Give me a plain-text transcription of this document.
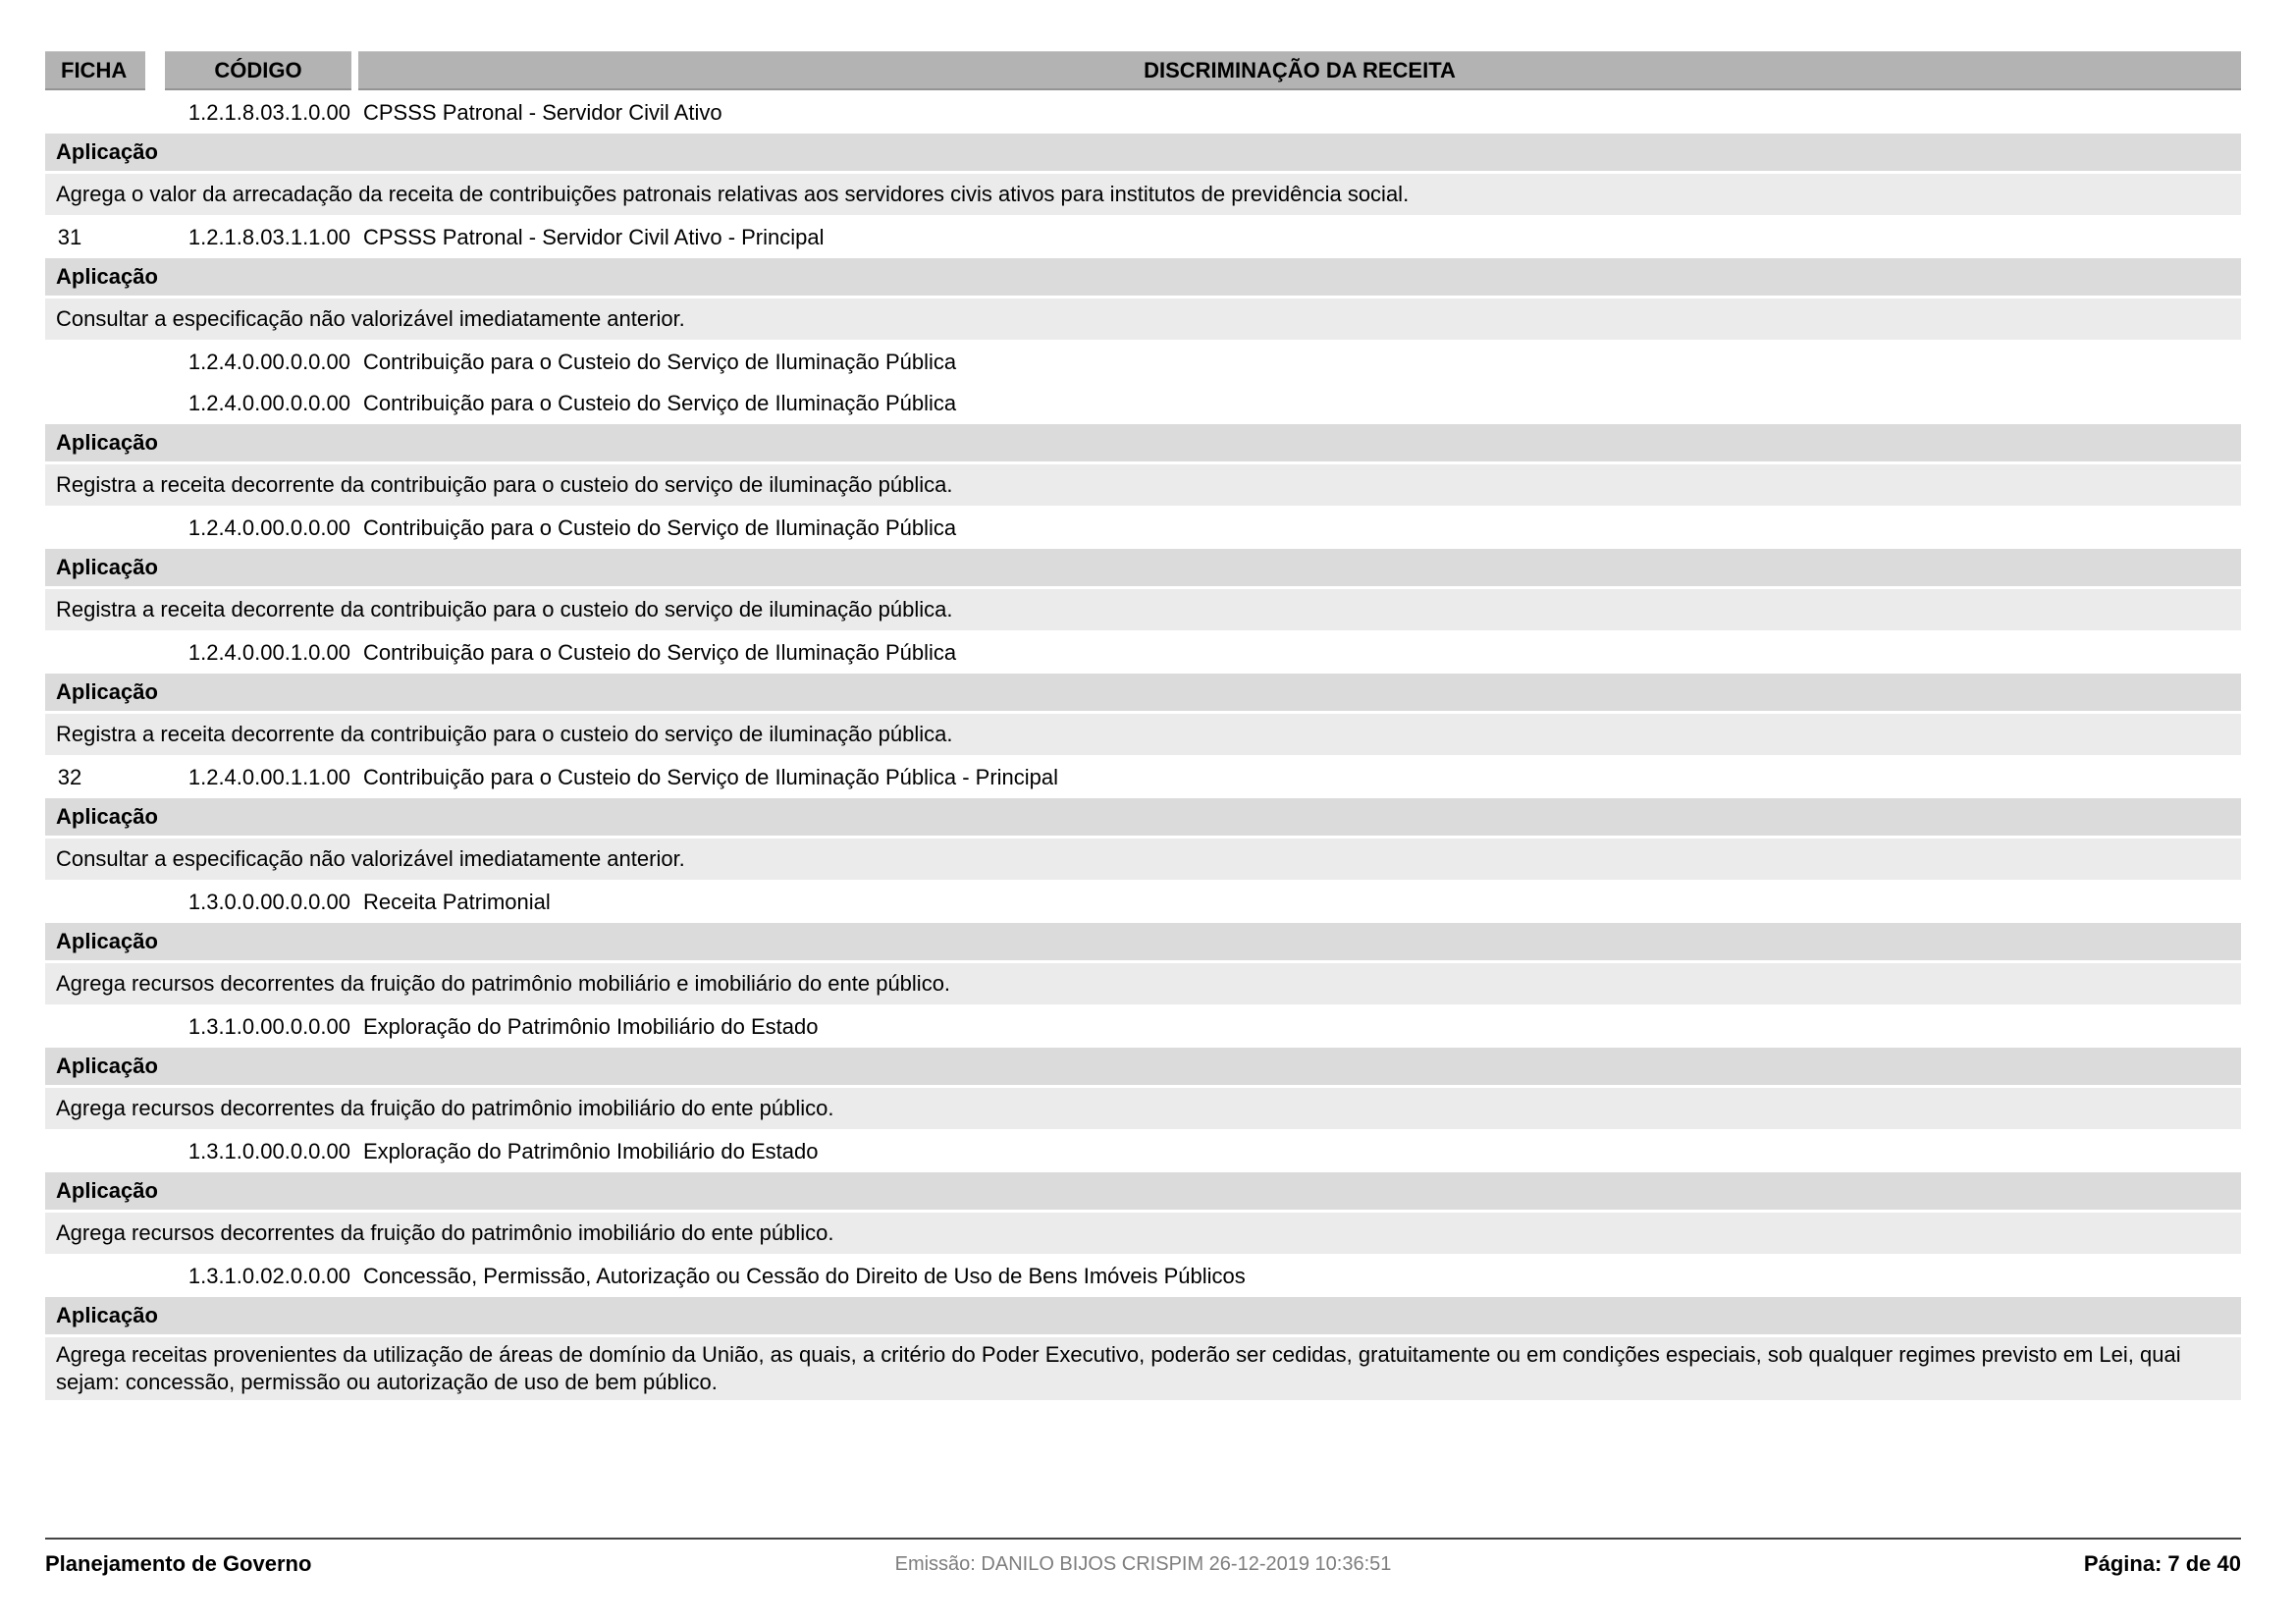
FICHA	CÓDIGO	DISCRIMINAÇÃO DA RECEITA
1.2.1.8.03.1.0.00 CPSSS Patronal - Servidor Civil Ativo
Aplicação
Agrega o valor da arrecadação da receita de contribuições patronais relativas aos servidores civis ativos para institutos de previdência social.
31	1.2.1.8.03.1.1.00 CPSSS Patronal - Servidor Civil Ativo - Principal
Aplicação
Consultar a especificação não valorizável imediatamente anterior.
1.2.4.0.00.0.0.00 Contribuição para o Custeio do Serviço de Iluminação Pública
1.2.4.0.00.0.0.00 Contribuição para o Custeio do Serviço de Iluminação Pública
Aplicação
Registra a receita decorrente da contribuição para o custeio do serviço de iluminação pública.
1.2.4.0.00.0.0.00 Contribuição para o Custeio do Serviço de Iluminação Pública
Aplicação
Registra a receita decorrente da contribuição para o custeio do serviço de iluminação pública.
1.2.4.0.00.1.0.00 Contribuição para o Custeio do Serviço de Iluminação Pública
Aplicação
Registra a receita decorrente da contribuição para o custeio do serviço de iluminação pública.
32	1.2.4.0.00.1.1.00 Contribuição para o Custeio do Serviço de Iluminação Pública - Principal
Aplicação
Consultar a especificação não valorizável imediatamente anterior.
1.3.0.0.00.0.0.00 Receita Patrimonial
Aplicação
Agrega recursos decorrentes da fruição do patrimônio mobiliário e imobiliário do ente público.
1.3.1.0.00.0.0.00 Exploração do Patrimônio Imobiliário do Estado
Aplicação
Agrega recursos decorrentes da fruição do patrimônio imobiliário do ente público.
1.3.1.0.00.0.0.00 Exploração do Patrimônio Imobiliário do Estado
Aplicação
Agrega recursos decorrentes da fruição do patrimônio imobiliário do ente público.
1.3.1.0.02.0.0.00 Concessão, Permissão, Autorização ou Cessão do Direito de Uso de Bens Imóveis Públicos
Aplicação
Agrega receitas provenientes da utilização de áreas de domínio da União, as quais, a critério do Poder Executivo, poderão ser cedidas, gratuitamente ou em condições especiais, sob qualquer regimes previsto em Lei, quai sejam: concessão, permissão ou autorização de uso de bem público.
Planejamento de Governo	Emissão: DANILO BIJOS CRISPIM 26-12-2019 10:36:51	Página: 7 de 40
